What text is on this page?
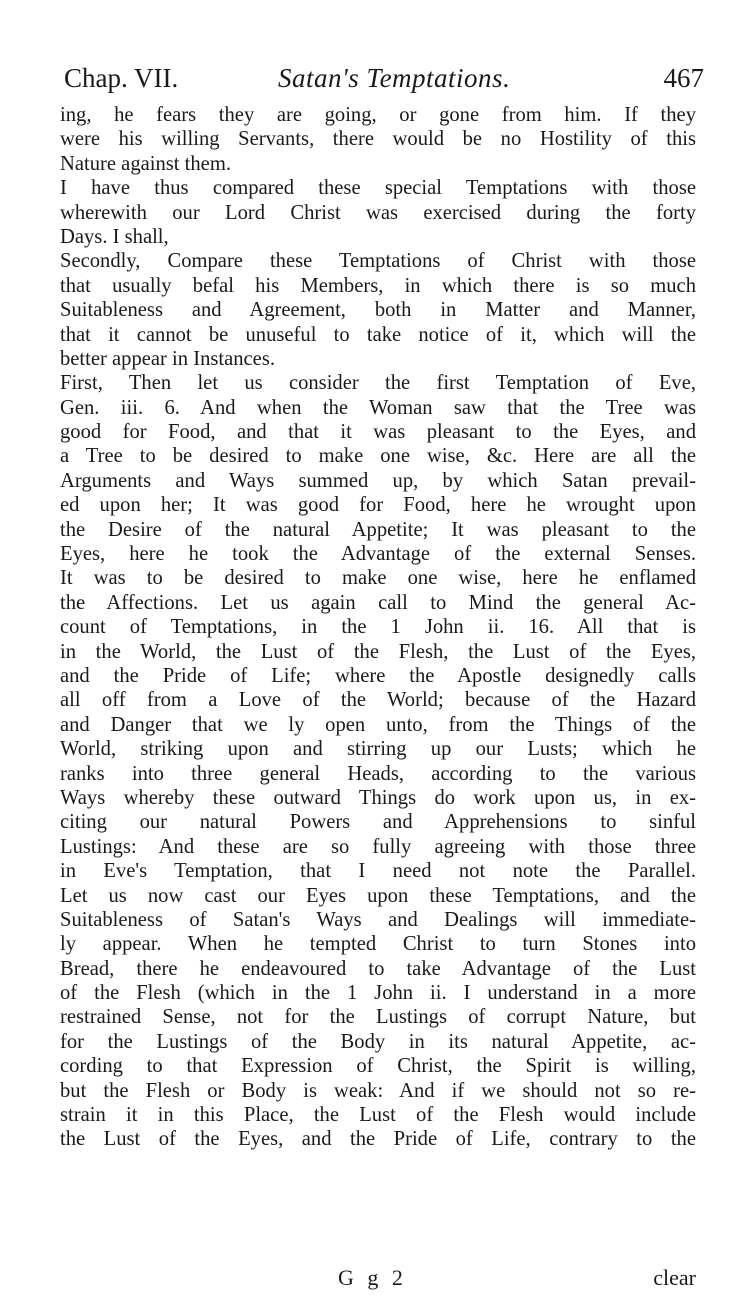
Chap. VII.	Satan's Temptations.	467
ing, he fears they are going, or gone from him. If they
were his willing Servants, there would be no Hostility of this
Nature against them.
I have thus compared these special Temptations with those
wherewith our Lord Christ was exercised during the forty
Days. I shall,
Secondly, Compare these Temptations of Christ with those
that usually befal his Members, in which there is so much
Suitableness and Agreement, both in Matter and Manner,
that it cannot be unuseful to take notice of it, which will the
better appear in Instances.
First, Then let us consider the first Temptation of Eve,
Gen. iii. 6. And when the Woman saw that the Tree was
good for Food, and that it was pleasant to the Eyes, and
a Tree to be desired to make one wise, &c. Here are all the
Arguments and Ways summed up, by which Satan prevail-
ed upon her; It was good for Food, here he wrought upon
the Desire of the natural Appetite; It was pleasant to the
Eyes, here he took the Advantage of the external Senses.
It was to be desired to make one wise, here he enflamed
the Affections. Let us again call to Mind the general Ac-
count of Temptations, in the 1 John ii. 16. All that is
in the World, the Lust of the Flesh, the Lust of the Eyes,
and the Pride of Life; where the Apostle designedly calls
all off from a Love of the World; because of the Hazard
and Danger that we ly open unto, from the Things of the
World, striking upon and stirring up our Lusts; which he
ranks into three general Heads, according to the various
Ways whereby these outward Things do work upon us, in ex-
citing our natural Powers and Apprehensions to sinful
Lustings: And these are so fully agreeing with those three
in Eve's Temptation, that I need not note the Parallel.
Let us now cast our Eyes upon these Temptations, and the
Suitableness of Satan's Ways and Dealings will immediate-
ly appear. When he tempted Christ to turn Stones into
Bread, there he endeavoured to take Advantage of the Lust
of the Flesh (which in the 1 John ii. I understand in a more
restrained Sense, not for the Lustings of corrupt Nature, but
for the Lustings of the Body in its natural Appetite, ac-
cording to that Expression of Christ, the Spirit is willing,
but the Flesh or Body is weak: And if we should not so re-
strain it in this Place, the Lust of the Flesh would include
the Lust of the Eyes, and the Pride of Life, contrary to the
G g 2	clear
